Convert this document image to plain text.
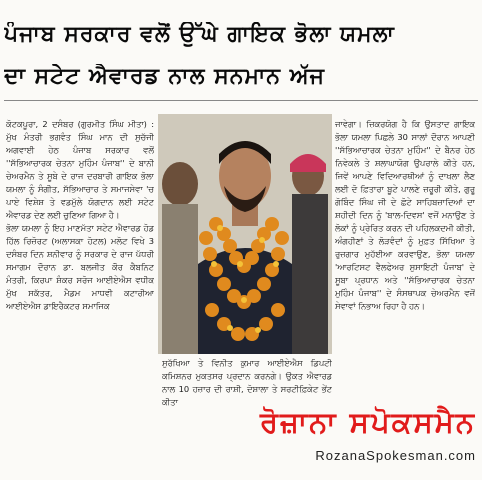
ਪੰਜਾਬ ਸਰਕਾਰ ਵਲੋਂ ਉੱਘੇ ਗਾਇਕ ਭੋਲਾ ਯਮਲਾ
ਦਾ ਸਟੇਟ ਐਵਾਰਡ ਨਾਲ ਸਨਮਾਨ ਅੱਜ
ਕੋਟਕਪੂਰਾ, 2 ਦਸੰਬਰ (ਗੁਰਮੀਤ ਸਿੰਘ ਮੀਤਾ) : ਮੁੱਖ ਮੰਤਰੀ ਭਗਵੰਤ ਸਿੰਘ ਮਾਨ ਦੀ ਸੁਚੱਜੀ ਅਗਵਾਈ ਹੇਠ ਪੰਜਾਬ ਸਰਕਾਰ ਵਲੋਂ ''ਸੱਭਿਆਚਾਰਕ ਚੇਤਨਾ ਮੁਹਿੰਮ ਪੰਜਾਬ'' ਦੇ ਬਾਨੀ ਚੇਅਰਮੈਨ ਤੇ ਸੂਬੇ ਦੇ ਰਾਜ ਦਰਬਾਰੀ ਗਾਇਕ ਭੋਲਾ ਯਮਲਾ ਨੂੰ ਸੰਗੀਤ, ਸੱਭਿਆਚਾਰ ਤੇ ਸਮਾਜਸੇਵਾ 'ਚ ਪਾਏ ਵਿਸ਼ੇਸ਼ ਤੇ ਵਡਮੁੱਲੇ ਯੋਗਦਾਨ ਲਈ ਸਟੇਟ ਐਵਾਰਡ ਦੇਣ ਲਈ ਚੁਣਿਆ ਗਿਆ ਹੈ।
ਭੋਲਾ ਯਮਲਾ ਨੂੰ ਇਹ ਮਾਣਮੱਤਾ ਸਟੇਟ ਐਵਾਰਡ ਹੋਡ ਹਿੱਲ ਰਿਜ਼ੋਰਟ (ਅਲਾਸਕਾ ਹੋਟਲ) ਮਲੋਟ ਵਿਖੇ 3 ਦਸੰਬਰ ਦਿਨ ਸ਼ਨੀਵਾਰ ਨੂੰ ਸਰਕਾਰ ਦੇ ਰਾਜ ਪੱਧਰੀ ਸਮਾਗਮ ਦੌਰਾਨ ਡਾ. ਬਲਜੀਤ ਕੌਰ ਕੈਬਨਿਟ ਮੰਤਰੀ, ਕਿਰਪਾ ਸ਼ੰਕਰ ਸਰੋਜ ਆਈਏਐਸ ਵਧੀਕ ਮੁੱਖ ਸਕੱਤਰ, ਮੈਡਮ ਮਾਧਵੀ ਕਟਾਰੀਆ ਆਈਏਐਸ ਡਾਇਰੈਕਟਰ ਸਮਾਜਿਕ
ਸੁਰੱਖਿਆ ਤੇ ਵਿਨੀਤ ਕੁਮਾਰ ਆਈਏਐਸ ਡਿਪਟੀ ਕਮਿਸ਼ਨਰ ਮੁਕਤਸਰ ਪ੍ਰਦਾਨ ਕਰਨਗੇ। ਉਕਤ ਐਵਾਰਡ ਨਾਲ 10 ਹਜ਼ਾਰ ਦੀ ਰਾਸ਼ੀ, ਦੋਸ਼ਾਲਾ ਤੇ ਸਰਟੀਫ਼ਿਕੇਟ ਭੇਂਟ ਕੀਤਾ
ਜਾਵੇਗਾ। ਜ਼ਿਕਰਯੋਗ ਹੈ ਕਿ ਉਸਤਾਦ ਗਾਇਕ ਭੋਲਾ ਯਮਲਾ ਪਿਛਲੇ 30 ਸਾਲਾਂ ਦੌਰਾਨ ਆਪਣੀ ''ਸੱਭਿਆਚਾਰਕ ਚੇਤਨਾ ਮੁਹਿੰਮ'' ਦੇ ਬੈਨਰ ਹੇਠ ਨਿਵੇਕਲੇ ਤੇ ਸ਼ਲਾਘਾਯੋਗ ਉਪਰਾਲੇ ਕੀਤੇ ਹਨ, ਜਿਵੇਂ ਆਪਣੇ ਵਿਦਿਆਰਥੀਆਂ ਨੂੰ ਦਾਖਲਾ ਲੈਣ ਲਈ ਦੋ ਫ਼ਿਤਾਰਾ ਬੂਟੇ ਪਾਲਣੇ ਜ਼ਰੂਰੀ ਕੀਤੇ, ਗੁਰੂ ਗੋਬਿੰਦ ਸਿੰਘ ਜੀ ਦੇ ਛੋਟੇ ਸਾਹਿਬਜ਼ਾਦਿਆਂ ਦਾ ਸ਼ਹੀਦੀ ਦਿਨ ਨੂੰ 'ਬਾਲ-ਦਿਵਸ' ਵਜੋਂ ਮਨਾਉਣ ਤੇ ਲੋਕਾਂ ਨੂੰ ਪ੍ਰੇਰਿਤ ਕਰਨ ਦੀ ਪਹਿਲਕਦਮੀ ਕੀਤੀ, ਅੰਗਹੀਣਾਂ ਤੇ ਲੋੜਵੰਦਾਂ ਨੂੰ ਮੁਫ਼ਤ ਸਿੱਖਿਆ ਤੇ ਰੁਜ਼ਗਾਰ ਮੁਹੱਈਆ ਕਰਵਾਉਣ, ਭੋਲਾ ਯਮਲਾ 'ਆਰਟਿਸਟ ਵੈਲਫੇਅਰ ਸੁਸਾਇਟੀ ਪੰਜਾਬ' ਦੇ ਸੂਬਾ ਪ੍ਰਧਾਨ ਅਤੇ ''ਸੱਭਿਆਚਾਰਕ ਚੇਤਨਾ ਮੁਹਿੰਮ ਪੰਜਾਬ'' ਦੇ ਸੰਸਥਾਪਕ ਚੇਅਰਮੈਨ ਵਜੋਂ ਸੇਵਾਵਾਂ ਨਿਭਾਅ ਰਿਹਾ ਹੈ ਹਨ।
ਰੋਜ਼ਾਨਾ ਸਪੋਕਸਮੈਨ
RozanaSpokesman.com
